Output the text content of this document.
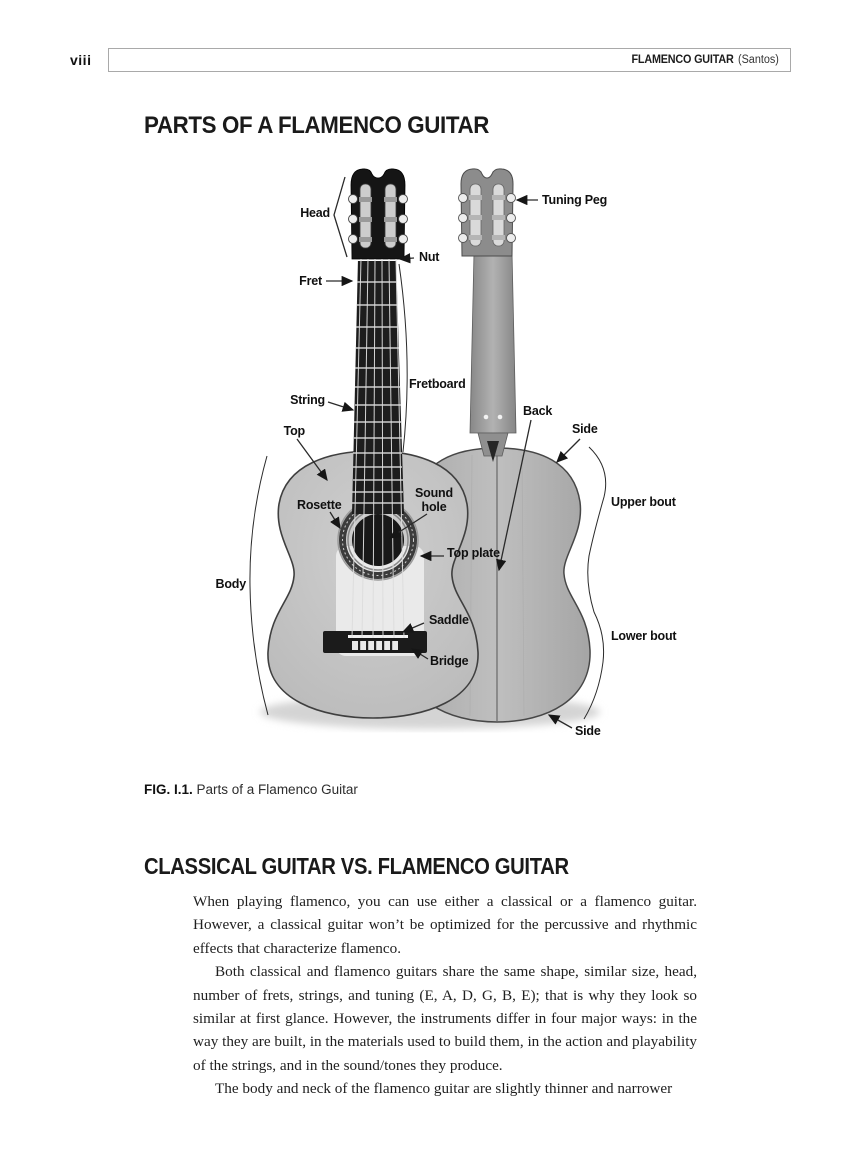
viii	FLAMENCO GUITAR (Santos)
PARTS OF A FLAMENCO GUITAR
Head
Tuning Peg
Nut
Fret
String
Fretboard
Top
Back
Side
Rosette
Sound hole	Upper bout
Top plate
Body
Saddle
Lower bout
Bridge
Side
FIG. I.1. Parts of a Flamenco Guitar
CLASSICAL GUITAR VS. FLAMENCO GUITAR

When playing flamenco, you can use either a classical or a flamenco guitar. However, a classical guitar won’t be optimized for the percussive and rhythmic effects that characterize flamenco.

Both classical and flamenco guitars share the same shape, similar size, head, number of frets, strings, and tuning (E, A, D, G, B, E); that is why they look so similar at first glance. However, the instruments differ in four major ways: in the way they are built, in the materials used to build them, in the action and playability of the strings, and in the sound/tones they produce.

The body and neck of the flamenco guitar are slightly thinner and narrower
